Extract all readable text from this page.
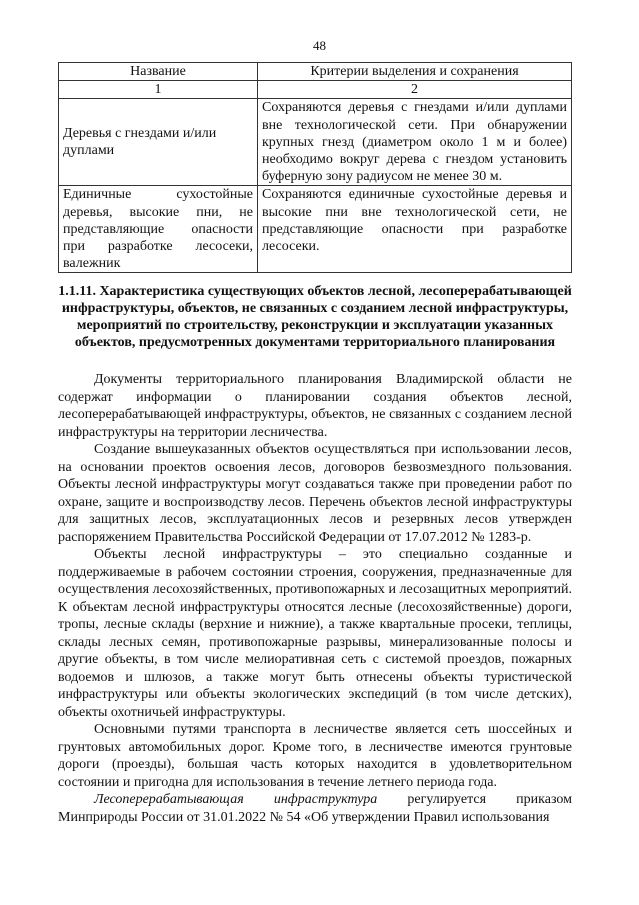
48
Название	Критерии выделения и сохранения
1	2
Деревья с гнездами и/или дуплами	Сохраняются деревья с гнездами и/или дуплами вне технологической сети. При обнаружении крупных гнезд (диаметром около 1 м и более) необходимо вокруг дерева с гнездом установить буферную зону радиусом не менее 30 м.
Единичные сухостойные деревья, высокие пни, не представляющие опасности при разработке лесосеки, валежник	Сохраняются единичные сухостойные деревья и высокие пни вне технологической сети, не представляющие опасности при разработке лесосеки.
1.1.11. Характеристика существующих объектов лесной, лесоперерабатывающей инфраструктуры, объектов, не связанных с созданием лесной инфраструктуры, мероприятий по строительству, реконструкции и эксплуатации указанных объектов, предусмотренных документами территориального планирования

Документы территориального планирования Владимирской области не содержат информации о планировании создания объектов лесной, лесоперерабатывающей инфраструктуры, объектов, не связанных с созданием лесной инфраструктуры на территории лесничества.

Создание вышеуказанных объектов осуществляться при использовании лесов, на основании проектов освоения лесов, договоров безвозмездного пользования. Объекты лесной инфраструктуры могут создаваться также при проведении работ по охране, защите и воспроизводству лесов. Перечень объектов лесной инфраструктуры для защитных лесов, эксплуатационных лесов и резервных лесов утвержден распоряжением Правительства Российской Федерации от 17.07.2012 № 1283-р.

Объекты лесной инфраструктуры – это специально созданные и поддерживаемые в рабочем состоянии строения, сооружения, предназначенные для осуществления лесохозяйственных, противопожарных и лесозащитных мероприятий. К объектам лесной инфраструктуры относятся лесные (лесохозяйственные) дороги, тропы, лесные склады (верхние и нижние), а также квартальные просеки, теплицы, склады лесных семян, противопожарные разрывы, минерализованные полосы и другие объекты, в том числе мелиоративная сеть с системой проездов, пожарных водоемов и шлюзов, а также могут быть отнесены объекты туристической инфраструктуры или объекты экологических экспедиций (в том числе детских), объекты охотничьей инфраструктуры.

Основными путями транспорта в лесничестве является сеть шоссейных и грунтовых автомобильных дорог. Кроме того, в лесничестве имеются грунтовые дороги (проезды), большая часть которых находится в удовлетворительном состоянии и пригодна для использования в течение летнего периода года.

Лесоперерабатывающая инфраструктура регулируется приказом Минприроды России от 31.01.2022 № 54 «Об утверждении Правил использования
